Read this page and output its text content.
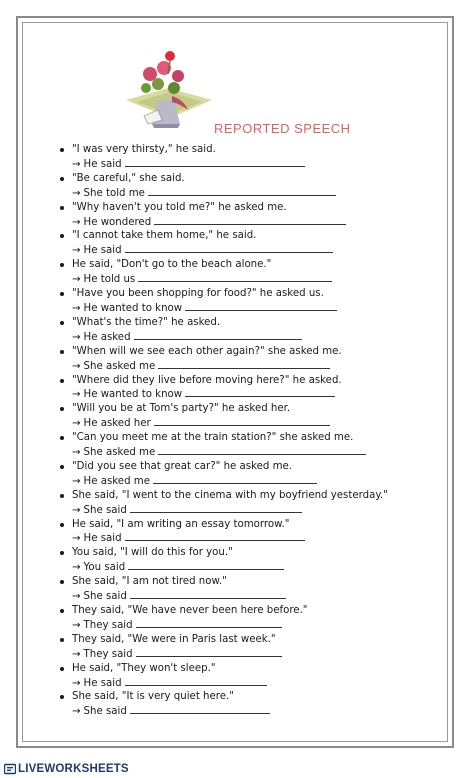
REPORTED SPEECH
"I was very thirsty," he said.
→ He said
"Be careful," she said.
→ She told me
"Why haven't you told me?" he asked me.
→ He wondered
"I cannot take them home," he said.
→ He said
He said, "Don't go to the beach alone."
→ He told us
"Have you been shopping for food?" he asked us.
→ He wanted to know
"What's the time?" he asked.
→ He asked
"When will we see each other again?" she asked me.
→ She asked me
"Where did they live before moving here?" he asked.
→ He wanted to know
"Will you be at Tom's party?" he asked her.
→ He asked her
"Can you meet me at the train station?" she asked me.
→ She asked me
"Did you see that great car?" he asked me.
→ He asked me
She said, "I went to the cinema with my boyfriend yesterday."
→ She said
He said, "I am writing an essay tomorrow."
→ He said
You said, "I will do this for you."
→ You said
She said, "I am not tired now."
→ She said
They said, "We have never been here before."
→ They said
They said, "We were in Paris last week."
→ They said
He said, "They won't sleep."
→ He said
She said, "It is very quiet here."
→ She said
LIVEWORKSHEETS
